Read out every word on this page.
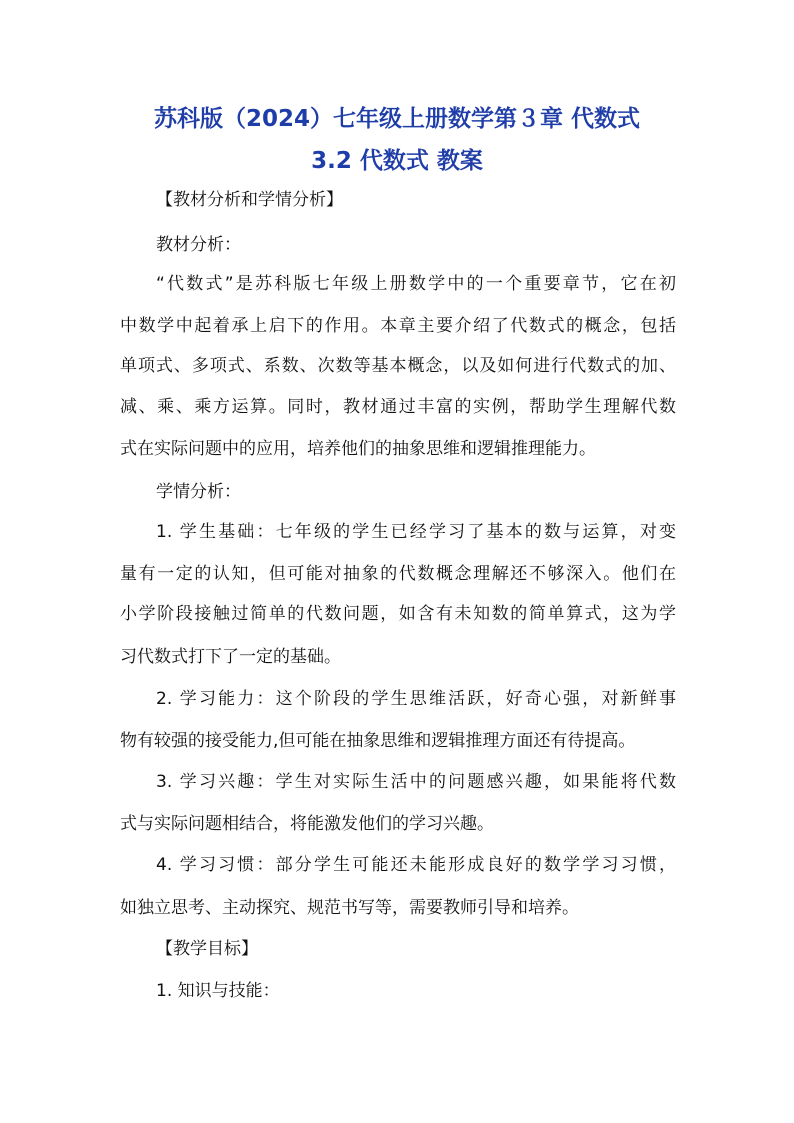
苏科版（2024）七年级上册数学第３章 代数式
3.2 代数式 教案
【教材分析和学情分析】
教材分析：
“代数式”是苏科版七年级上册数学中的一个重要章节，它在初
中数学中起着承上启下的作用。本章主要介绍了代数式的概念，包括
单项式、多项式、系数、次数等基本概念，以及如何进行代数式的加、
减、乘、乘方运算。同时，教材通过丰富的实例，帮助学生理解代数
式在实际问题中的应用，培养他们的抽象思维和逻辑推理能力。
学情分析：
1. 学生基础：七年级的学生已经学习了基本的数与运算，对变
量有一定的认知，但可能对抽象的代数概念理解还不够深入。他们在
小学阶段接触过简单的代数问题，如含有未知数的简单算式，这为学
习代数式打下了一定的基础。
2. 学习能力：这个阶段的学生思维活跃，好奇心强，对新鲜事
物有较强的接受能力,但可能在抽象思维和逻辑推理方面还有待提高。
3. 学习兴趣：学生对实际生活中的问题感兴趣，如果能将代数
式与实际问题相结合，将能激发他们的学习兴趣。
4. 学习习惯：部分学生可能还未能形成良好的数学学习习惯，
如独立思考、主动探究、规范书写等，需要教师引导和培养。
【教学目标】
1. 知识与技能：
